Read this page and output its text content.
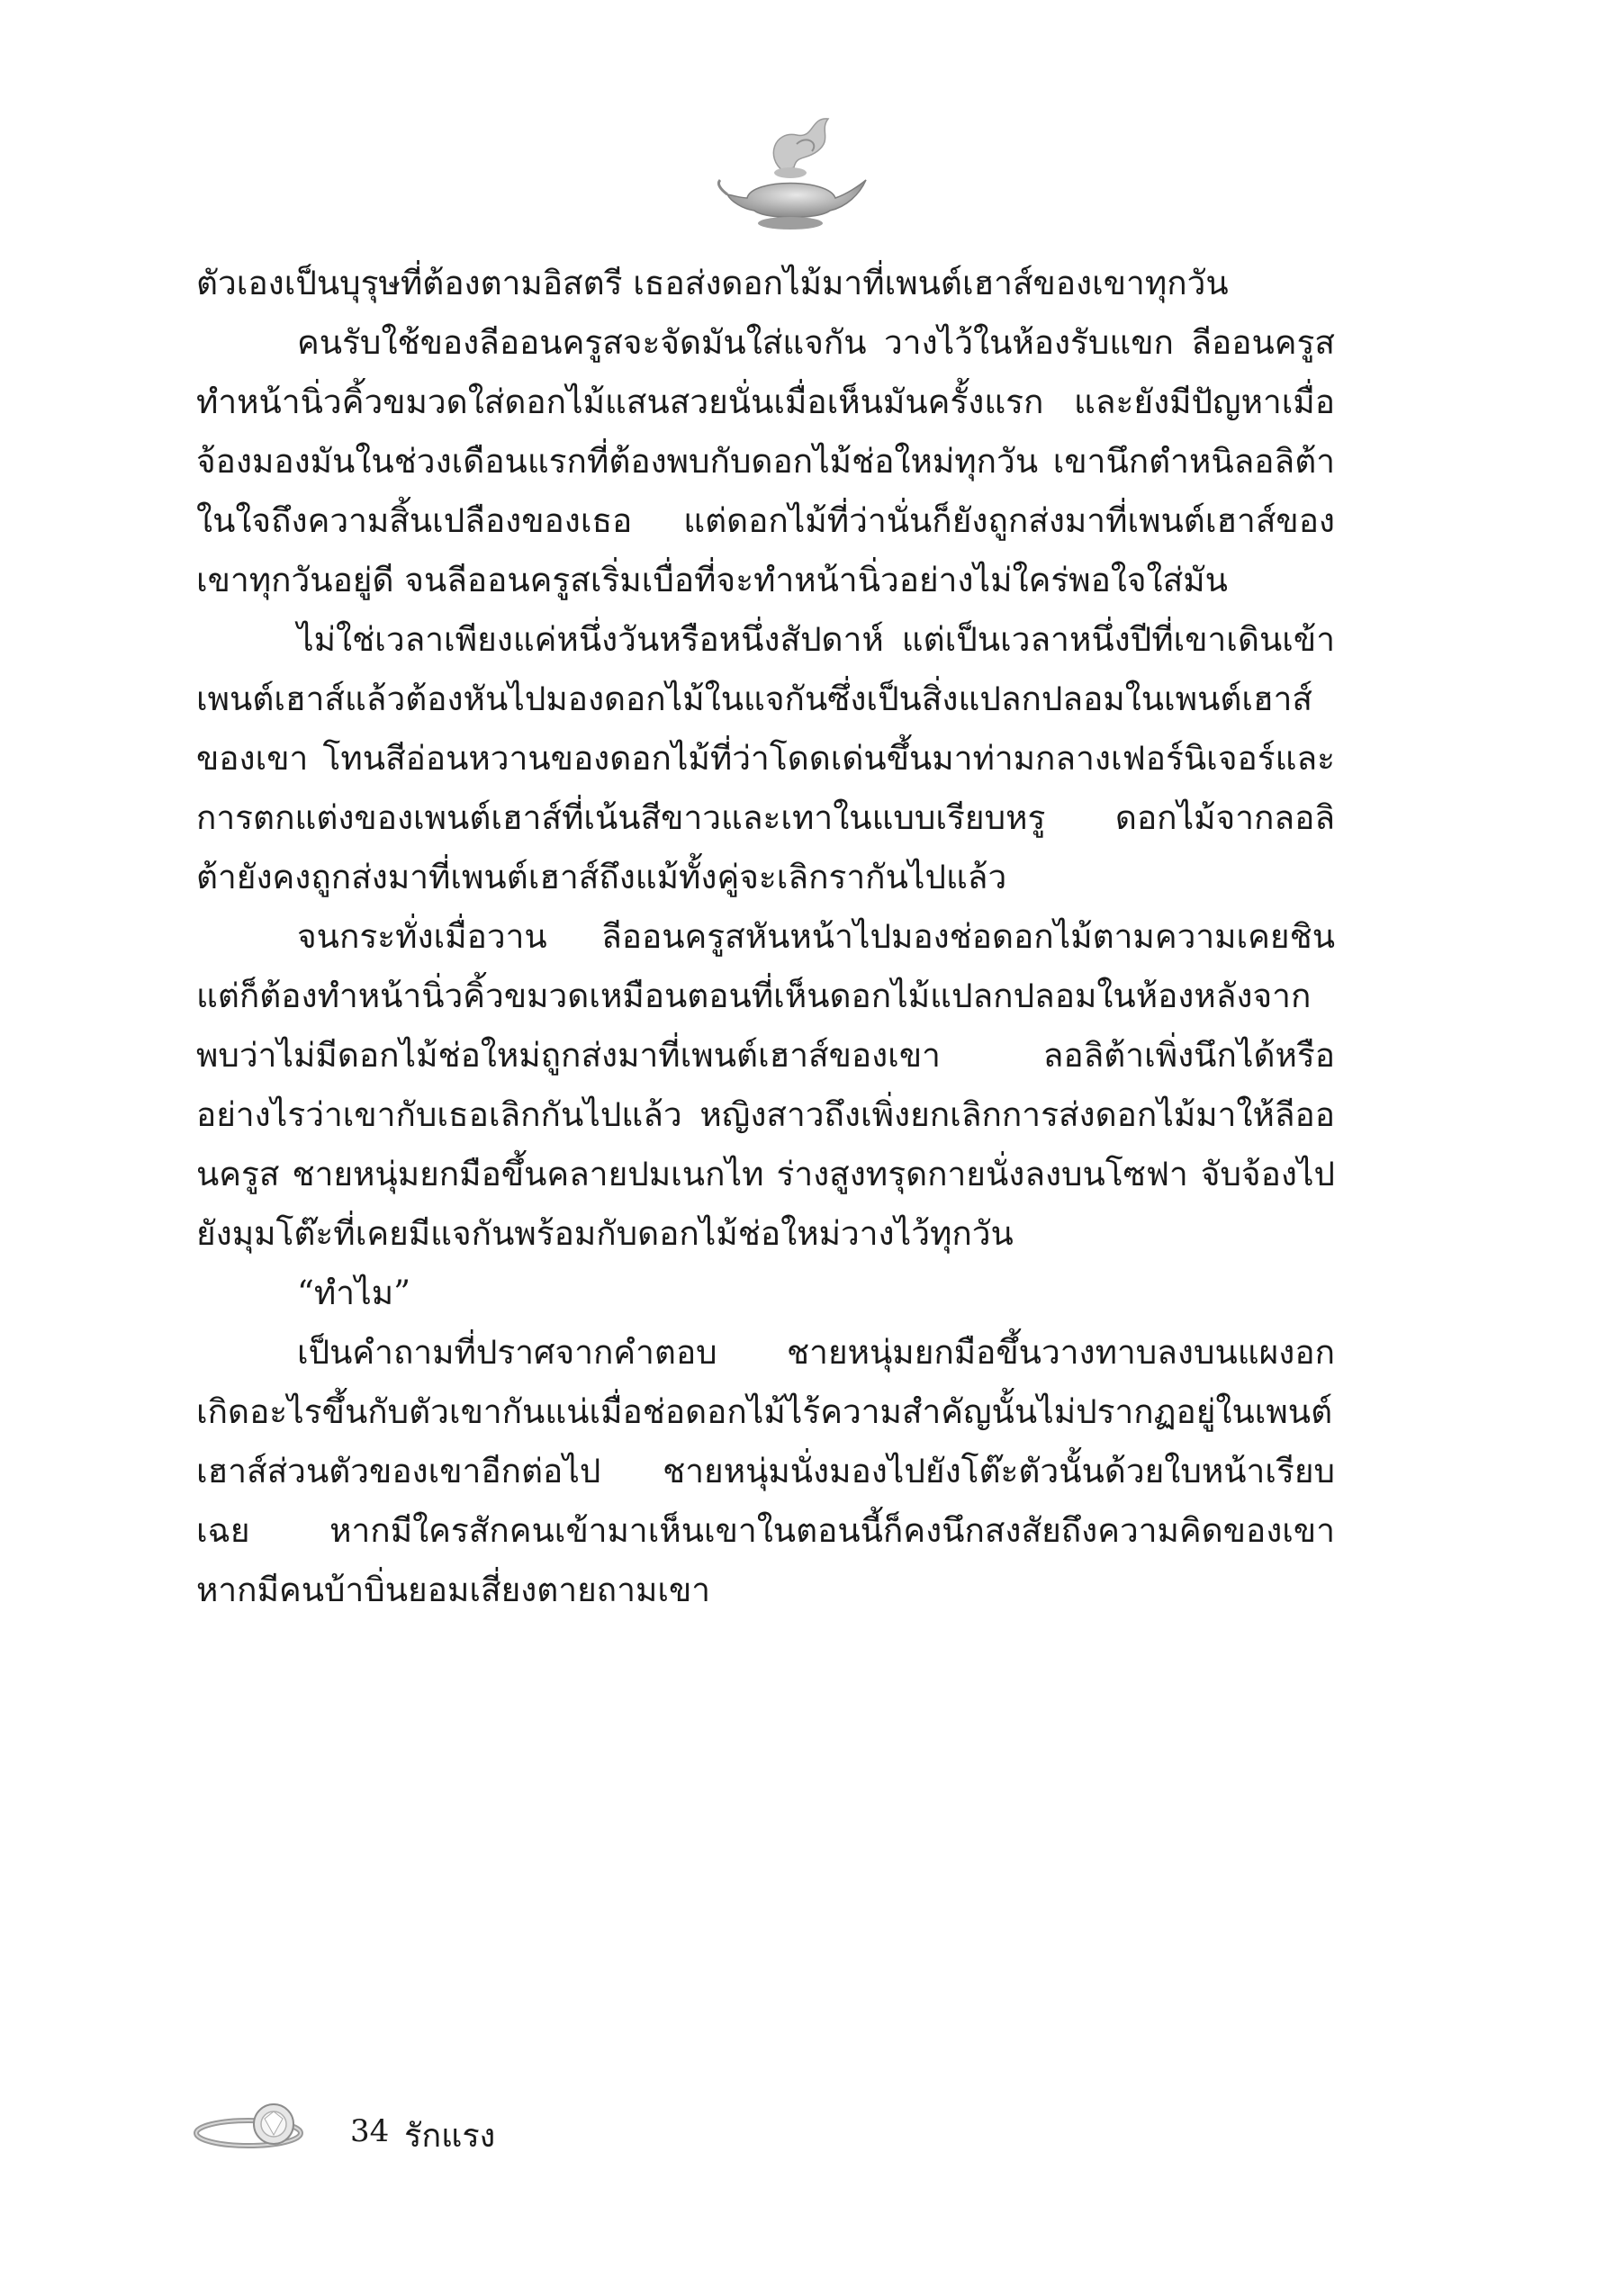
ตัวเองเป็นบุรุษที่ต้องตามอิสตรี เธอส่งดอกไม้มาที่เพนต์เฮาส์ของเขาทุกวัน

คนรับใช้ของลีออนครูสจะจัดมันใส่แจกัน วางไว้ในห้องรับแขก ลีออนครูสทำหน้านิ่วคิ้วขมวดใส่ดอกไม้แสนสวยนั่นเมื่อเห็นมันครั้งแรก และยังมีปัญหาเมื่อจ้องมองมันในช่วงเดือนแรกที่ต้องพบกับดอกไม้ช่อใหม่ทุกวัน เขานึกตำหนิลอลิต้าในใจถึงความสิ้นเปลืองของเธอ แต่ดอกไม้ที่ว่านั่นก็ยังถูกส่งมาที่เพนต์เฮาส์ของเขาทุกวันอยู่ดี จนลีออนครูสเริ่มเบื่อที่จะทำหน้านิ่วอย่างไม่ใคร่พอใจใส่มัน

ไม่ใช่เวลาเพียงแค่หนึ่งวันหรือหนึ่งสัปดาห์ แต่เป็นเวลาหนึ่งปีที่เขาเดินเข้าเพนต์เฮาส์แล้วต้องหันไปมองดอกไม้ในแจกันซึ่งเป็นสิ่งแปลกปลอมในเพนต์เฮาส์ของเขา โทนสีอ่อนหวานของดอกไม้ที่ว่าโดดเด่นขึ้นมาท่ามกลางเฟอร์นิเจอร์และการตกแต่งของเพนต์เฮาส์ที่เน้นสีขาวและเทาในแบบเรียบหรู ดอกไม้จากลอลิต้ายังคงถูกส่งมาที่เพนต์เฮาส์ถึงแม้ทั้งคู่จะเลิกรากันไปแล้ว

จนกระทั่งเมื่อวาน ลีออนครูสหันหน้าไปมองช่อดอกไม้ตามความเคยชิน แต่ก็ต้องทำหน้านิ่วคิ้วขมวดเหมือนตอนที่เห็นดอกไม้แปลกปลอมในห้องหลังจากพบว่าไม่มีดอกไม้ช่อใหม่ถูกส่งมาที่เพนต์เฮาส์ของเขา ลอลิต้าเพิ่งนึกได้หรืออย่างไรว่าเขากับเธอเลิกกันไปแล้ว หญิงสาวถึงเพิ่งยกเลิกการส่งดอกไม้มาให้ลีออนครูส ชายหนุ่มยกมือขึ้นคลายปมเนกไท ร่างสูงทรุดกายนั่งลงบนโซฟา จับจ้องไปยังมุมโต๊ะที่เคยมีแจกันพร้อมกับดอกไม้ช่อใหม่วางไว้ทุกวัน

“ทำไม”

เป็นคำถามที่ปราศจากคำตอบ ชายหนุ่มยกมือขึ้นวางทาบลงบนแผงอก เกิดอะไรขึ้นกับตัวเขากันแน่เมื่อช่อดอกไม้ไร้ความสำคัญนั้นไม่ปรากฏอยู่ในเพนต์เฮาส์ส่วนตัวของเขาอีกต่อไป ชายหนุ่มนั่งมองไปยังโต๊ะตัวนั้นด้วยใบหน้าเรียบเฉย หากมีใครสักคนเข้ามาเห็นเขาในตอนนี้ก็คงนึกสงสัยถึงความคิดของเขา หากมีคนบ้าบิ่นยอมเสี่ยงตายถามเขา

34 รักแรง
